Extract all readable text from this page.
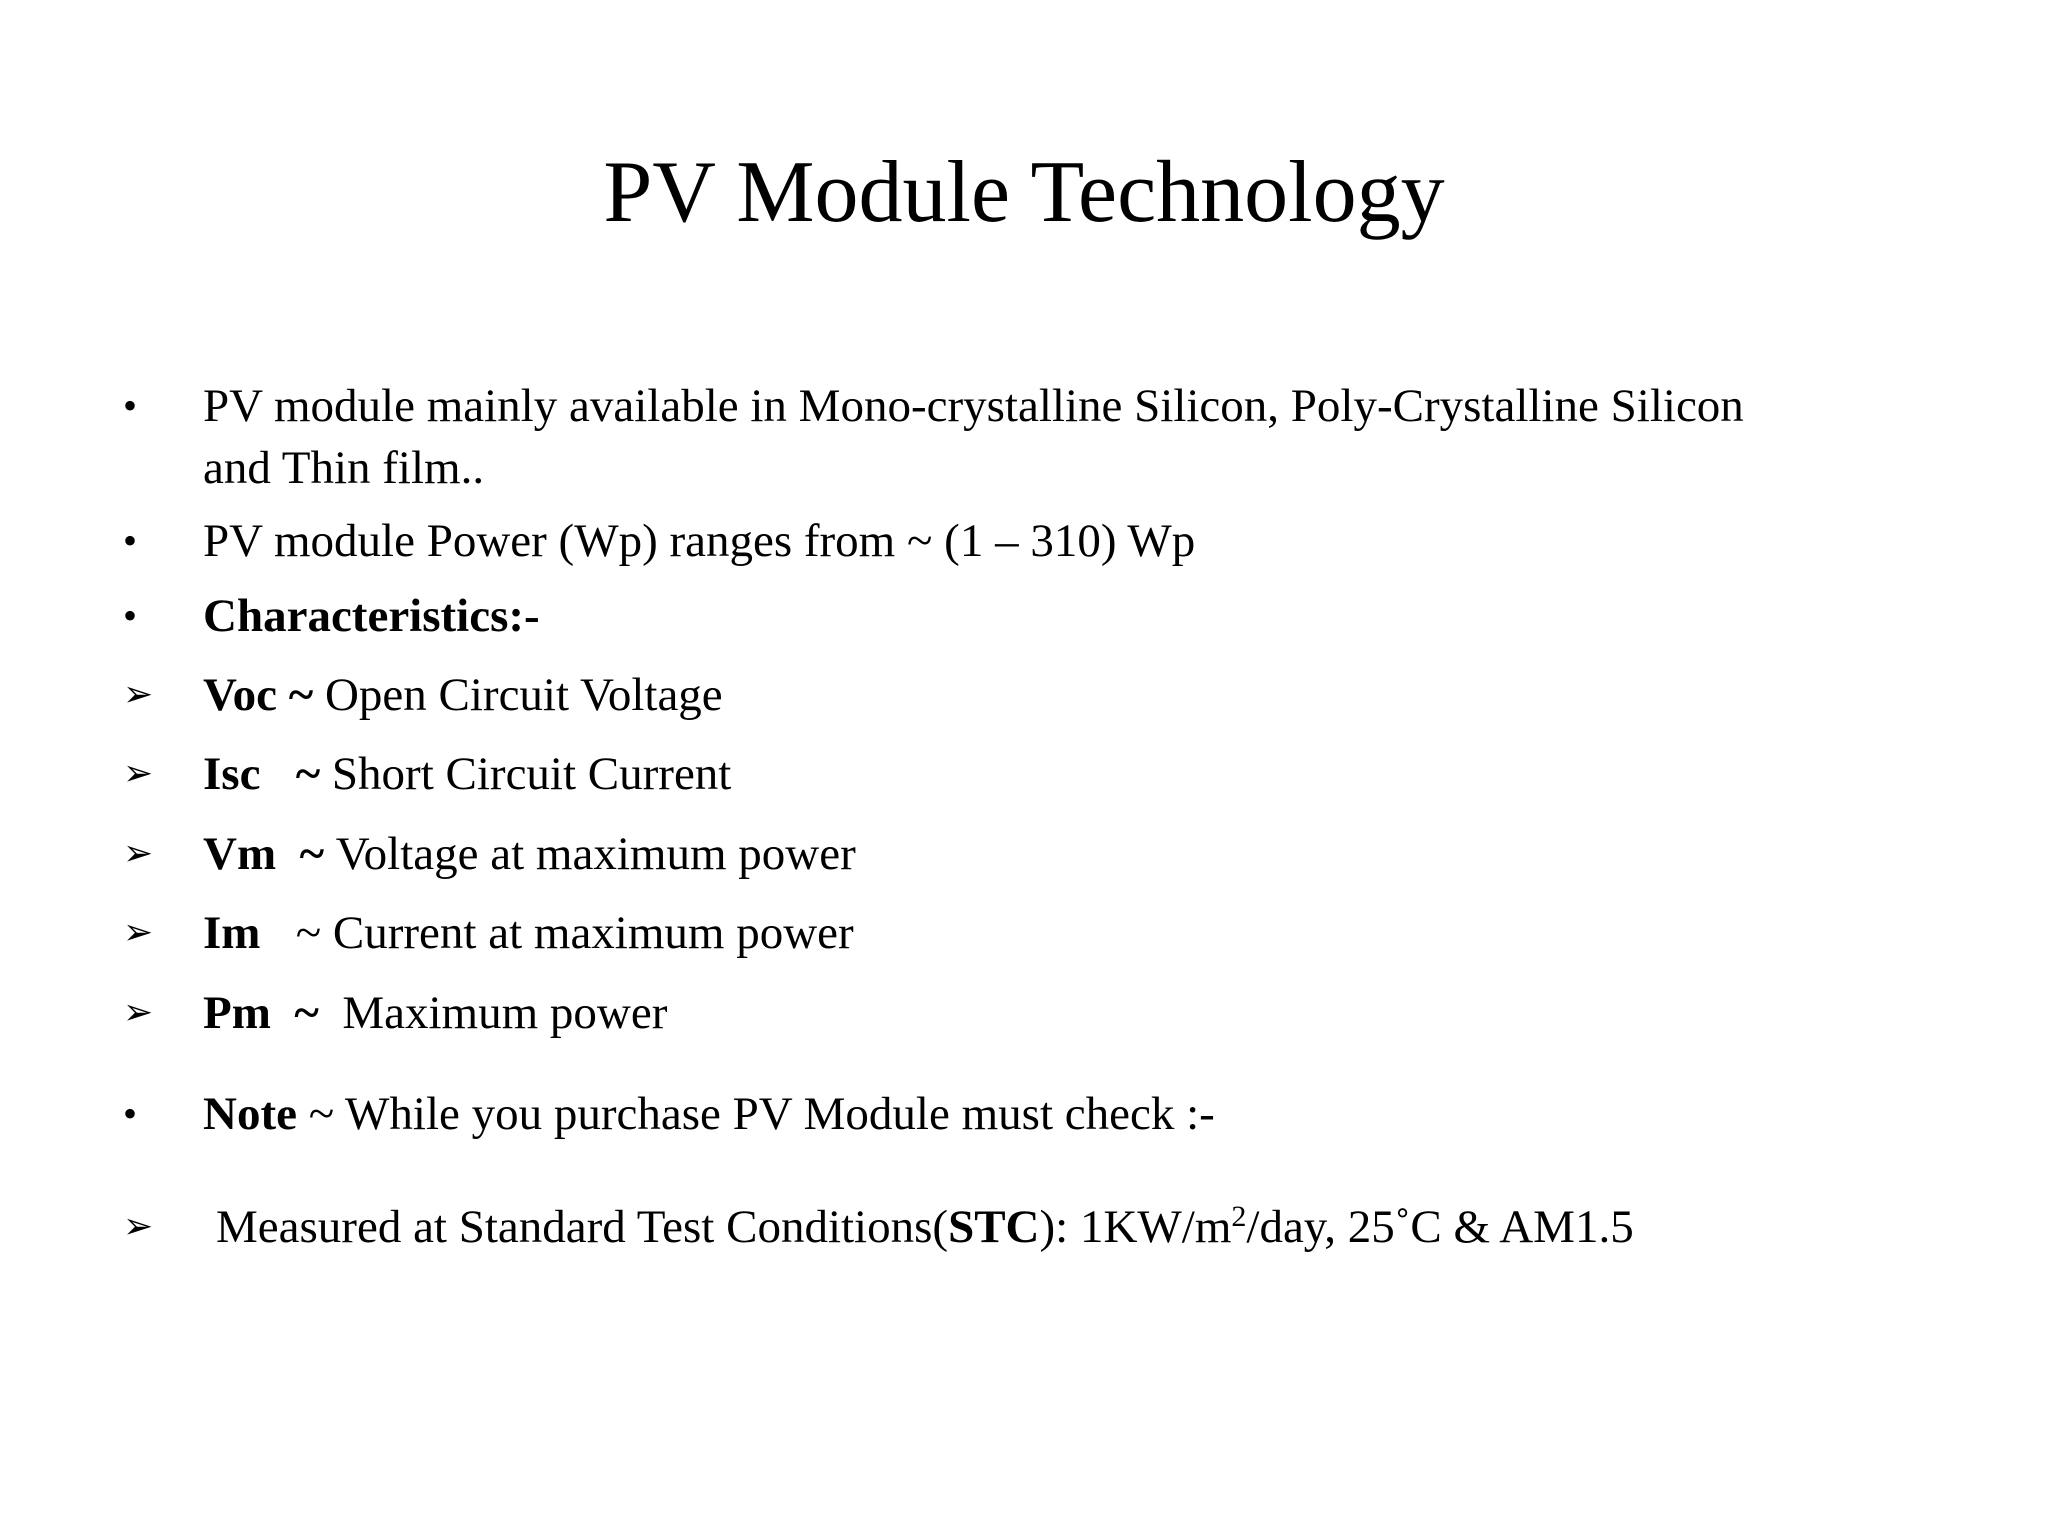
PV Module Technology
•	PV module mainly available in Mono-crystalline Silicon, Poly-Crystalline Silicon
and Thin film..
•	PV module Power (Wp) ranges from ~ (1 – 310) Wp
•	Characteristics:-
➢ Voc ~ Open Circuit Voltage
➢ Isc   ~ Short Circuit Current
➢ Vm  ~ Voltage at maximum power
➢ Im   ~ Current at maximum power
➢ Pm  ~  Maximum power
•	Note ~ While you purchase PV Module must check :-
➢ Measured at Standard Test Conditions(STC): $1KW/m^2$/day, 25˚C & AM1.5
